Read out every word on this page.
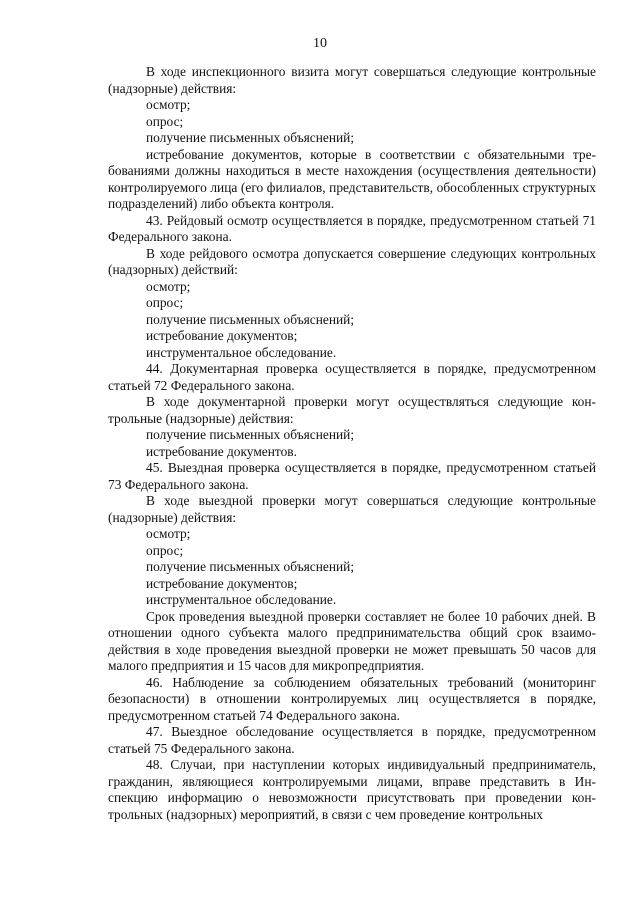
10

В ходе инспекционного визита могут совершаться следующие контрольные (надзорные) действия:

осмотр;

опрос;

получение письменных объяснений;

истребование документов, которые в соответствии с обязательными требованиями должны находиться в месте нахождения (осуществления деятельности) контролируемого лица (его филиалов, представительств, обособленных структурных подразделений) либо объекта контроля.

43. Рейдовый осмотр осуществляется в порядке, предусмотренном статьей 71 Федерального закона.

В ходе рейдового осмотра допускается совершение следующих контрольных (надзорных) действий:

осмотр;

опрос;

получение письменных объяснений;

истребование документов;

инструментальное обследование.

44. Документарная проверка осуществляется в порядке, предусмотренном статьей 72 Федерального закона.

В ходе документарной проверки могут осуществляться следующие контрольные (надзорные) действия:

получение письменных объяснений;

истребование документов.

45. Выездная проверка осуществляется в порядке, предусмотренном статьей 73 Федерального закона.

В ходе выездной проверки могут совершаться следующие контрольные (надзорные) действия:

осмотр;

опрос;

получение письменных объяснений;

истребование документов;

инструментальное обследование.

Срок проведения выездной проверки составляет не более 10 рабочих дней. В отношении одного субъекта малого предпринимательства общий срок взаимодействия в ходе проведения выездной проверки не может превышать 50 часов для малого предприятия и 15 часов для микропредприятия.

46. Наблюдение за соблюдением обязательных требований (мониторинг безопасности) в отношении контролируемых лиц осуществляется в порядке, предусмотренном статьей 74 Федерального закона.

47. Выездное обследование осуществляется в порядке, предусмотренном статьей 75 Федерального закона.

48. Случаи, при наступлении которых индивидуальный предприниматель, гражданин, являющиеся контролируемыми лицами, вправе представить в Инспекцию информацию о невозможности присутствовать при проведении контрольных (надзорных) мероприятий, в связи с чем проведение контрольных
